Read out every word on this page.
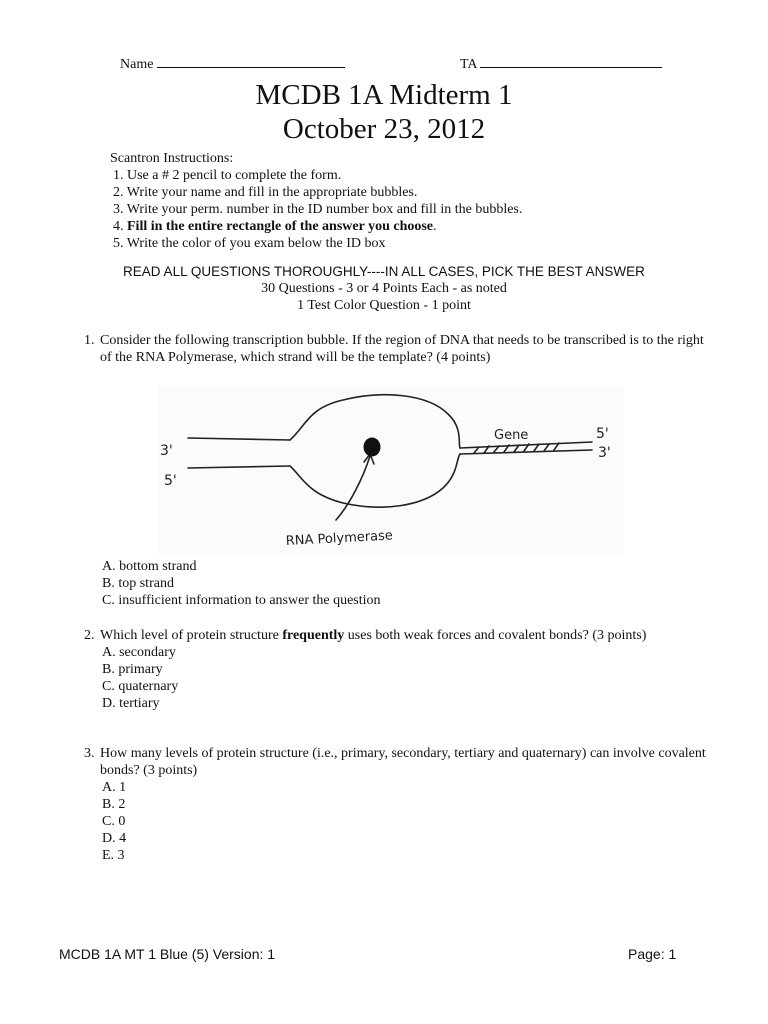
Name	TA
MCDB 1A Midterm 1
October 23, 2012
Scantron Instructions:
1. Use a # 2 pencil to complete the form.
2. Write your name and fill in the appropriate bubbles.
3. Write your perm. number in the ID number box and fill in the bubbles.
4. Fill in the entire rectangle of the answer you choose.
5. Write the color of you exam below the ID box
READ ALL QUESTIONS THOROUGHLY----IN ALL CASES, PICK THE BEST ANSWER
30 Questions - 3 or 4 Points Each - as noted
1 Test Color Question - 1 point
1. Consider the following transcription bubble. If the region of DNA that needs to be transcribed is to the right of the RNA Polymerase, which strand will be the template? (4 points)
3'
5'
Gene	5'
3'
RNA Polymerase
A. bottom strand
B. top strand
C. insufficient information to answer the question
2. Which level of protein structure frequently uses both weak forces and covalent bonds? (3 points)
A. secondary
B. primary
C. quaternary
D. tertiary
3. How many levels of protein structure (i.e., primary, secondary, tertiary and quaternary) can involve covalent bonds? (3 points)
A. 1
B. 2
C. 0
D. 4
E. 3
MCDB 1A MT 1 Blue (5) Version: 1	Page: 1
